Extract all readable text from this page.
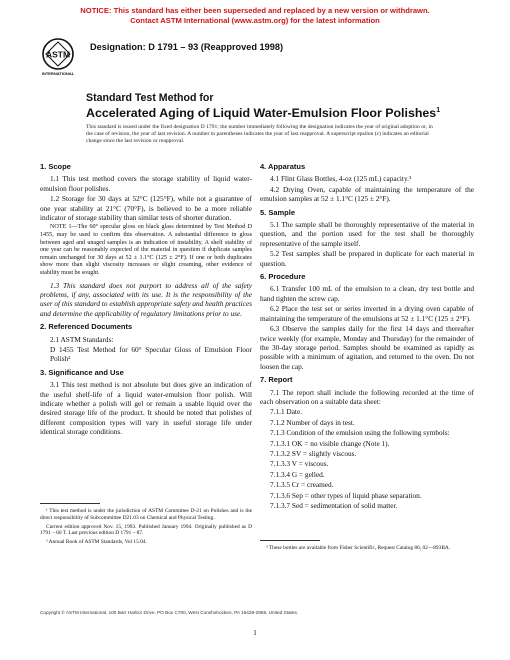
NOTICE: This standard has either been superseded and replaced by a new version or withdrawn.
Contact ASTM International (www.astm.org) for the latest information
ASTM
INTERNATIONAL
Designation: D 1791 – 93 (Reapproved 1998)
Standard Test Method for
Accelerated Aging of Liquid Water-Emulsion Floor Polishes$^1$
This standard is issued under the fixed designation D 1791; the number immediately following the designation indicates the year of original adoption or, in the case of revision, the year of last revision. A number in parentheses indicates the year of last reapproval. A superscript epsilon (ε) indicates an editorial change since the last revision or reapproval.
1. Scope

1.1 This test method covers the storage stability of liquid water-emulsion floor polishes.

1.2 Storage for 30 days at 52°C (125°F), while not a guarantee of one year stability at 21°C (70°F), is believed to be a more reliable indicator of storage stability than similar tests of shorter duration.

NOTE 1—The 60° specular gloss on black glass determined by Test Method D 1455, may be used to confirm this observation. A substantial difference in gloss between aged and unaged samples is an indication of instability. A shelf stability of one year can be reasonably expected of the material in question if duplicate samples remain unchanged for 30 days at 52 ± 1.1°C (125 ± 2°F). If one or both duplicates show more than slight viscosity increases or slight creaming, other evidence of stability must be sought.

1.3 This standard does not purport to address all of the safety problems, if any, associated with its use. It is the responsibility of the user of this standard to establish appropriate safety and health practices and determine the applicability of regulatory limitations prior to use.

2. Referenced Documents

2.1 ASTM Standards:

D 1455 Test Method for 60° Specular Gloss of Emulsion Floor Polish²

3. Significance and Use

3.1 This test method is not absolute but does give an indication of the useful shelf-life of a liquid water-emulsion floor polish. Will indicate whether a polish will gel or remain a usable liquid over the desired storage life of the product. It should be noted that polishes of different composition types will vary in useful storage life under identical storage conditions.

4. Apparatus

4.1 Flint Glass Bottles, 4-oz (125 mL) capacity.³

4.2 Drying Oven, capable of maintaining the temperature of the emulsion samples at 52 ± 1.1°C (125 ± 2°F).

5. Sample

5.1 The sample shall be thoroughly representative of the material in question, and the portion used for the test shall be thoroughly representative of the sample itself.

5.2 Test samples shall be prepared in duplicate for each material in question.

6. Procedure

6.1 Transfer 100 mL of the emulsion to a clean, dry test bottle and hand tighten the screw cap.

6.2 Place the test set or series inverted in a drying oven capable of maintaining the temperature of the emulsions at 52 ± 1.1°C (125 ± 2°F).

6.3 Observe the samples daily for the first 14 days and thereafter twice weekly (for example, Monday and Thursday) for the remainder of the 30-day storage period. Samples should be examined as rapidly as possible with a minimum of agitation, and returned to the oven. Do not loosen the cap.

7. Report

7.1 The report shall include the following recorded at the time of each observation on a suitable data sheet:

7.1.1 Date.

7.1.2 Number of days in test.

7.1.3 Condition of the emulsion using the following symbols:

7.1.3.1 OK = no visible change (Note 1).

7.1.3.2 SV = slightly viscous.

7.1.3.3 V = viscous.

7.1.3.4 G = gelled.

7.1.3.5 Cr = creamed.

7.1.3.6 Sep = other types of liquid phase separation.

7.1.3.7 Sed = sedimentation of solid matter.

¹ This test method is under the jurisdiction of ASTM Committee D-21 on Polishes and is the direct responsibility of Subcommittee D21.03 on Chemical and Physical Testing.

Current edition approved Nov. 15, 1993. Published January 1994. Originally published as D 1791 – 60 T. Last previous edition D 1791 – 87.

² Annual Book of ASTM Standards, Vol 15.04.

³ These bottles are available from Fisher Scientific, Request Catalog 86, 02—893BA.

Copyright © ASTM International, 100 Barr Harbor Drive, PO Box C700, West Conshohocken, PA 19428-2959, United States.
1
